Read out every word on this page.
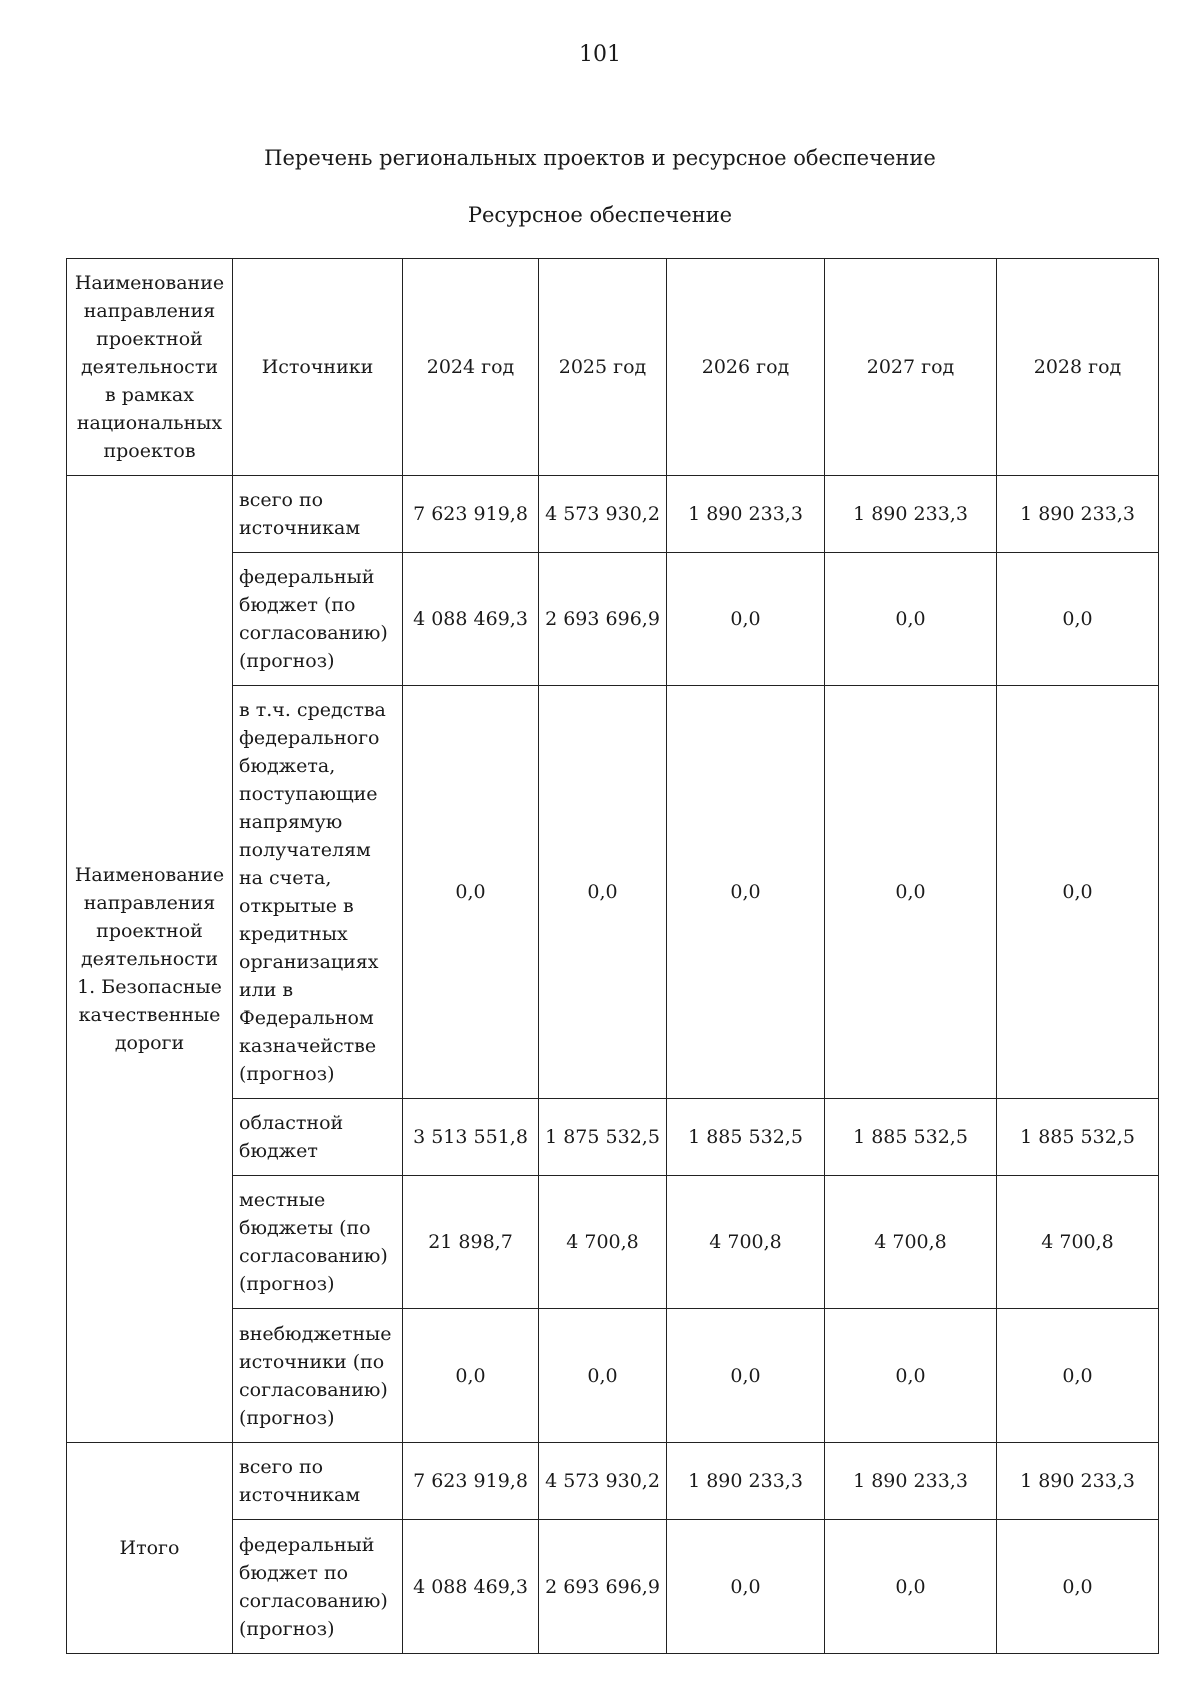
101
Перечень региональных проектов и ресурсное обеспечение
Ресурсное обеспечение
Наименование направления проектной деятельности в рамках национальных проектов	Источники	2024 год	2025 год	2026 год	2027 год	2028 год
Наименование направления проектной деятельности 1. Безопасные качественные дороги	всего по источникам	7 623 919,8	4 573 930,2	1 890 233,3	1 890 233,3	1 890 233,3
	федеральный бюджет (по согласованию) (прогноз)	4 088 469,3	2 693 696,9	0,0	0,0	0,0
	в т.ч. средства федерального бюджета, поступающие напрямую получателям на счета, открытые в кредитных организациях или в Федеральном казначействе (прогноз)	0,0	0,0	0,0	0,0	0,0
	областной бюджет	3 513 551,8	1 875 532,5	1 885 532,5	1 885 532,5	1 885 532,5
	местные бюджеты (по согласованию) (прогноз)	21 898,7	4 700,8	4 700,8	4 700,8	4 700,8
	внебюджетные источники (по согласованию) (прогноз)	0,0	0,0	0,0	0,0	0,0
Итого	всего по источникам	7 623 919,8	4 573 930,2	1 890 233,3	1 890 233,3	1 890 233,3
	федеральный бюджет по согласованию) (прогноз)	4 088 469,3	2 693 696,9	0,0	0,0	0,0
